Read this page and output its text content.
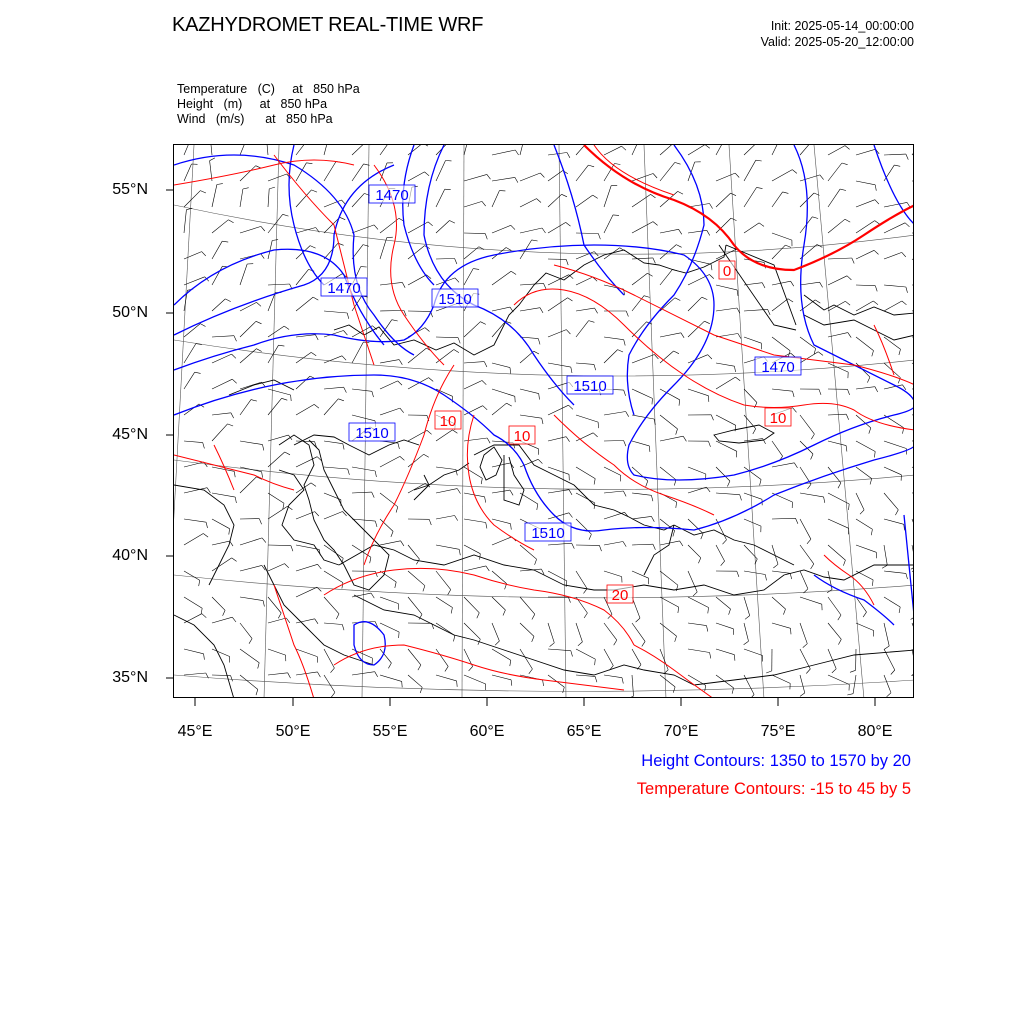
KAZHYDROMET REAL-TIME WRF	Init: 2025-05-14_00:00:00
Valid: 2025-05-20_12:00:00
Temperature   (C)     at   850 hPa
Height   (m)     at   850 hPa
Wind   (m/s)      at   850 hPa
1470
1470
1510
1510
1510
1470
1510
10
10
10
20
0
55°N
50°N
45°N
40°N
35°N
45°E	50°E	55°E	60°E	65°E	70°E	75°E	80°E
Height Contours: 1350 to 1570 by 20
Temperature Contours: -15 to 45 by 5
